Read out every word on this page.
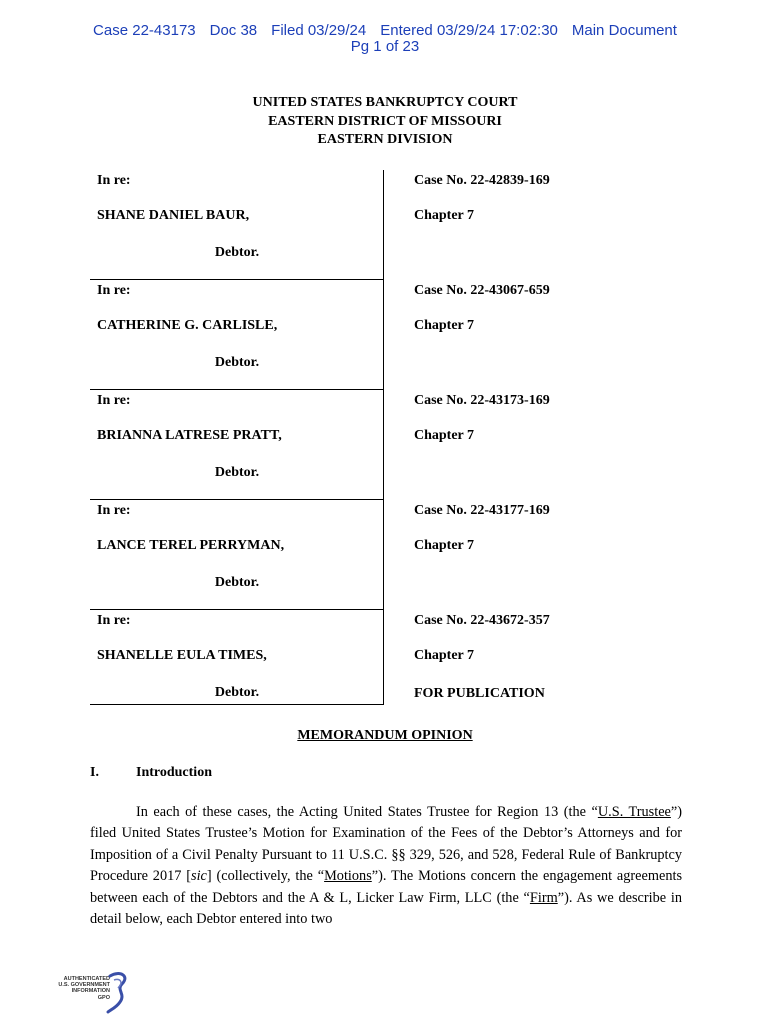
Case 22-43173 Doc 38 Filed 03/29/24 Entered 03/29/24 17:02:30 Main Document
Pg 1 of 23
UNITED STATES BANKRUPTCY COURT
EASTERN DISTRICT OF MISSOURI
EASTERN DIVISION
In re:
SHANE DANIEL BAUR,
Debtor.
Case No. 22-42839-169
Chapter 7
In re:
CATHERINE G. CARLISLE,
Debtor.
Case No. 22-43067-659
Chapter 7
In re:
BRIANNA LATRESE PRATT,
Debtor.
Case No. 22-43173-169
Chapter 7
In re:
LANCE TEREL PERRYMAN,
Debtor.
Case No. 22-43177-169
Chapter 7
In re:
SHANELLE EULA TIMES,
Debtor.
Case No. 22-43672-357
Chapter 7
FOR PUBLICATION
MEMORANDUM OPINION
I.	Introduction

In each of these cases, the Acting United States Trustee for Region 13 (the “U.S. Trustee”) filed United States Trustee’s Motion for Examination of the Fees of the Debtor’s Attorneys and for Imposition of a Civil Penalty Pursuant to 11 U.S.C. §§ 329, 526, and 528, Federal Rule of Bankruptcy Procedure 2017 [sic] (collectively, the “Motions”). The Motions concern the engagement agreements between each of the Debtors and the A & L, Licker Law Firm, LLC (the “Firm”). As we describe in detail below, each Debtor entered into two

AUTHENTICATED
U.S. GOVERNMENT
INFORMATION
GPO
